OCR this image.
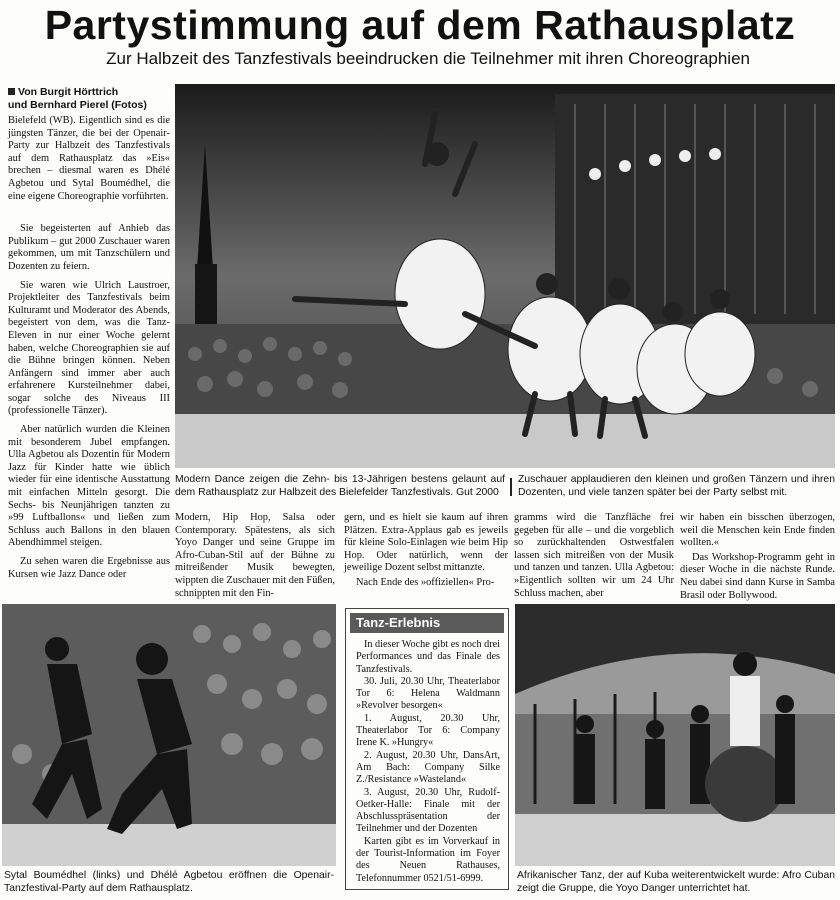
Partystimmung auf dem Rathausplatz
Zur Halbzeit des Tanzfestivals beeindrucken die Teilnehmer mit ihren Choreographien
Von Burgit Hörttrich
und Bernhard Pierel (Fotos)

Bielefeld (WB). Eigentlich sind es die jüngsten Tänzer, die bei der Openair-Party zur Halbzeit des Tanzfestivals auf dem Rathausplatz das »Eis« brechen – diesmal waren es Dhélé Agbetou und Sytal Boumédhel, die eine eigene Choreographie vorführten.

Sie begeisterten auf Anhieb das Publikum – gut 2000 Zuschauer waren gekommen, um mit Tanzschülern und Dozenten zu feiern.

Sie waren wie Ulrich Laustroer, Projektleiter des Tanzfestivals beim Kulturamt und Moderator des Abends, begeistert von dem, was die Tanz-Eleven in nur einer Woche gelernt haben, welche Choreographien sie auf die Bühne bringen können. Neben Anfängern sind immer aber auch erfahrenere Kursteilnehmer dabei, sogar solche des Niveaus III (professionelle Tänzer).

Aber natürlich wurden die Kleinen mit besonderem Jubel empfangen. Ulla Agbetou als Dozentin für Modern Jazz für Kinder hatte wie üblich wieder für eine identische Ausstattung mit einfachen Mitteln gesorgt. Die Sechs- bis Neunjährigen tanzten zu »99 Luftballons« und ließen zum Schluss auch Ballons in den blauen Abendhimmel steigen.

Zu sehen waren die Ergebnisse aus Kursen wie Jazz Dance oder

Modern Dance zeigen die Zehn- bis 13-Jährigen bestens gelaunt auf dem Rathausplatz zur Halbzeit des Bielefelder Tanzfestivals. Gut 2000
Zuschauer applaudieren den kleinen und großen Tänzern und ihren Dozenten, und viele tanzen später bei der Party selbst mit.

Modern, Hip Hop, Salsa oder Contemporary. Spätestens, als sich Yoyo Danger und seine Gruppe im Afro-Cuban-Stil auf der Bühne zu mitreißender Musik bewegten, wippten die Zuschauer mit den Füßen, schnippten mit den Fin-

gern, und es hielt sie kaum auf ihren Plätzen. Extra-Applaus gab es jeweils für kleine Solo-Einlagen wie beim Hip Hop. Oder natürlich, wenn der jeweilige Dozent selbst mittanzte.

Nach Ende des »offiziellen« Pro-

gramms wird die Tanzfläche frei gegeben für alle – und die vorgeblich so zurückhaltenden Ostwestfalen lassen sich mitreißen von der Musik und tanzen und tanzen. Ulla Agbetou: »Eigentlich sollten wir um 24 Uhr Schluss machen, aber

wir haben ein bisschen überzogen, weil die Menschen kein Ende finden wollten.«

Das Workshop-Programm geht in dieser Woche in die nächste Runde. Neu dabei sind dann Kurse in Samba Brasil oder Bollywood.

Sytal Boumédhel (links) und Dhélé Agbetou eröffnen die Openair-Tanzfestival-Party auf dem Rathausplatz.
Tanz-Erlebnis

In dieser Woche gibt es noch drei Performances und das Finale des Tanzfestivals.

30. Juli, 20.30 Uhr, Theaterlabor Tor 6: Helena Waldmann »Revolver besorgen«

1. August, 20.30 Uhr, Theaterlabor Tor 6: Company Irene K. »Hungry«

2. August, 20.30 Uhr, DansArt, Am Bach: Company Silke Z./Resistance »Wasteland«

3. August, 20.30 Uhr, Rudolf-Oetker-Halle: Finale mit der Abschlusspräsentation der Teilnehmer und der Dozenten

Karten gibt es im Vorverkauf in der Tourist-Information im Foyer des Neuen Rathauses, Telefonnummer 0521/51-6999.	Afrikanischer Tanz, der auf Kuba weiterentwickelt wurde: Afro Cuban zeigt die Gruppe, die Yoyo Danger unterrichtet hat.
